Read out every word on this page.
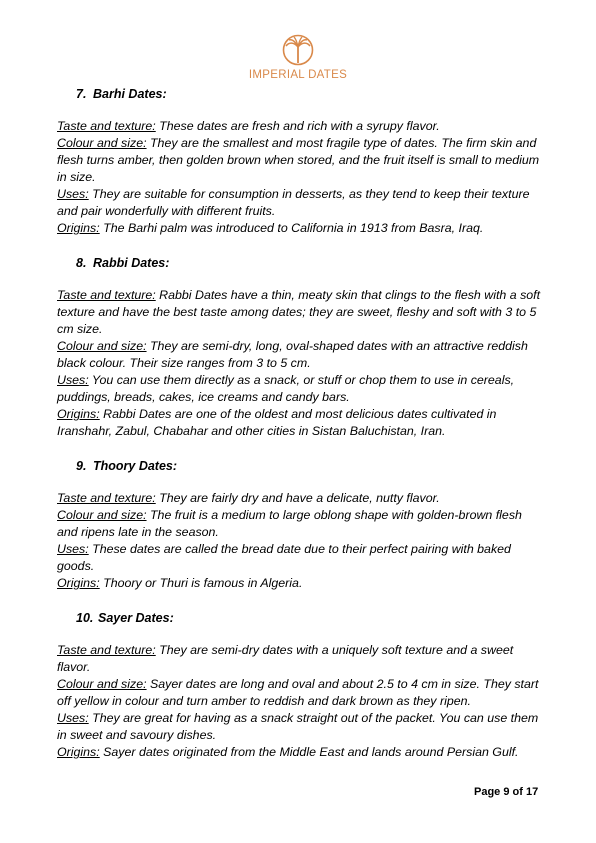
IMPERIAL DATES
7. Barhi Dates:

Taste and texture: These dates are fresh and rich with a syrupy flavor.

Colour and size: They are the smallest and most fragile type of dates. The firm skin and flesh turns amber, then golden brown when stored, and the fruit itself is small to medium in size.

Uses: They are suitable for consumption in desserts, as they tend to keep their texture and pair wonderfully with different fruits.

Origins: The Barhi palm was introduced to California in 1913 from Basra, Iraq.

8. Rabbi Dates:

Taste and texture: Rabbi Dates have a thin, meaty skin that clings to the flesh with a soft texture and have the best taste among dates; they are sweet, fleshy and soft with 3 to 5 cm size.

Colour and size: They are semi-dry, long, oval-shaped dates with an attractive reddish black colour. Their size ranges from 3 to 5 cm.

Uses: You can use them directly as a snack, or stuff or chop them to use in cereals, puddings, breads, cakes, ice creams and candy bars.

Origins: Rabbi Dates are one of the oldest and most delicious dates cultivated in Iranshahr, Zabul, Chabahar and other cities in Sistan Baluchistan, Iran.

9. Thoory Dates:

Taste and texture: They are fairly dry and have a delicate, nutty flavor.

Colour and size: The fruit is a medium to large oblong shape with golden-brown flesh and ripens late in the season.

Uses: These dates are called the bread date due to their perfect pairing with baked goods.

Origins: Thoory or Thuri is famous in Algeria.

10. Sayer Dates:

Taste and texture: They are semi-dry dates with a uniquely soft texture and a sweet flavor.

Colour and size: Sayer dates are long and oval and about 2.5 to 4 cm in size. They start off yellow in colour and turn amber to reddish and dark brown as they ripen.

Uses: They are great for having as a snack straight out of the packet. You can use them in sweet and savoury dishes.

Origins: Sayer dates originated from the Middle East and lands around Persian Gulf.

Page 9 of 17
